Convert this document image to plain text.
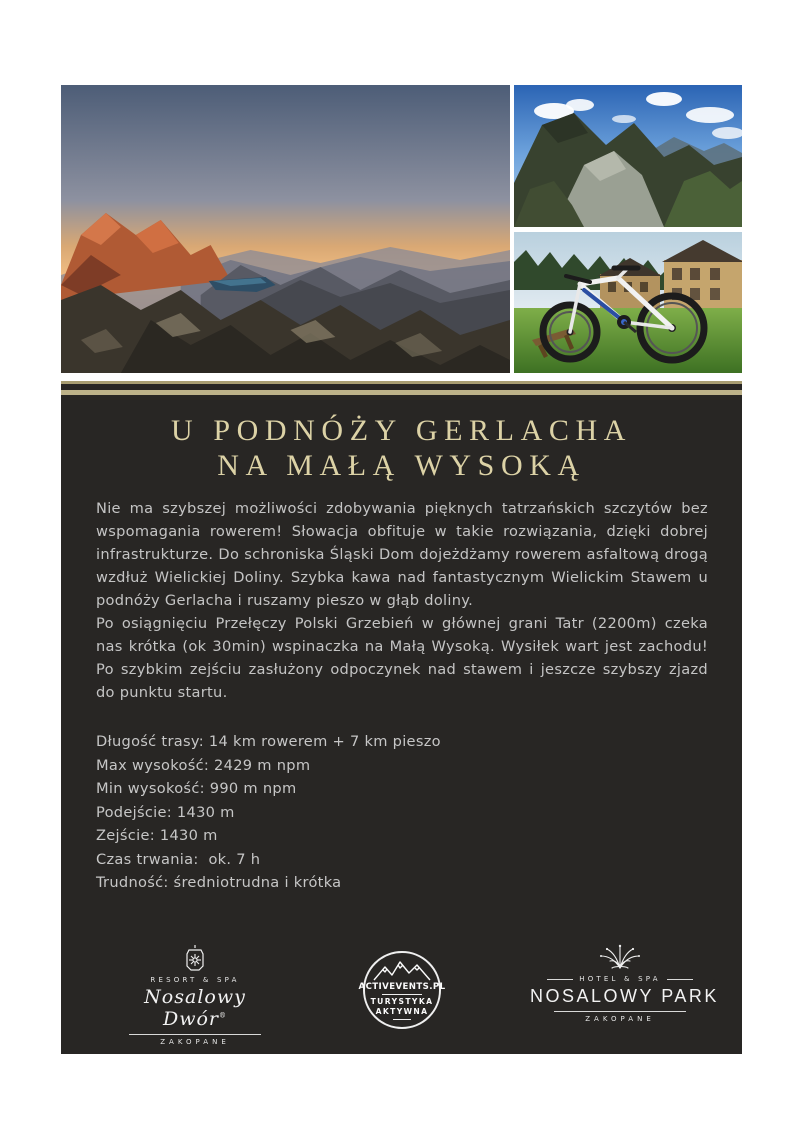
U PODNÓŻY GERLACHA
NA MAŁĄ WYSOKĄ

Nie ma szybszej możliwości zdobywania pięknych tatrzańskich szczytów bez wspomagania rowerem! Słowacja obfituje w takie rozwiązania, dzięki dobrej infrastrukturze. Do schroniska Śląski Dom dojeżdżamy rowerem asfaltową drogą wzdłuż Wielickiej Doliny. Szybka kawa nad fantastycznym Wielickim Stawem u podnóży Gerlacha i ruszamy pieszo w głąb doliny.

Po osiągnięciu Przełęczy Polski Grzebień w głównej grani Tatr (2200m) czeka nas krótka (ok 30min) wspinaczka na Małą Wysoką. Wysiłek wart jest zachodu! Po szybkim zejściu zasłużony odpoczynek nad stawem i jeszcze szybszy zjazd do punktu startu.

Długość trasy: 14 km rowerem + 7 km pieszo
Max wysokość: 2429 m npm
Min wysokość: 990 m npm
Podejście: 1430 m
Zejście: 1430 m
Czas trwania:  ok. 7 h
Trudność: średniotrudna i krótka
RESORT & SPA
Nosalowy Dwór®
ZAKOPANE
ACTIVEVENTS.PL
TURYSTYKA
AKTYWNA
HOTEL & SPA
NOSALOWY PARK
ZAKOPANE
